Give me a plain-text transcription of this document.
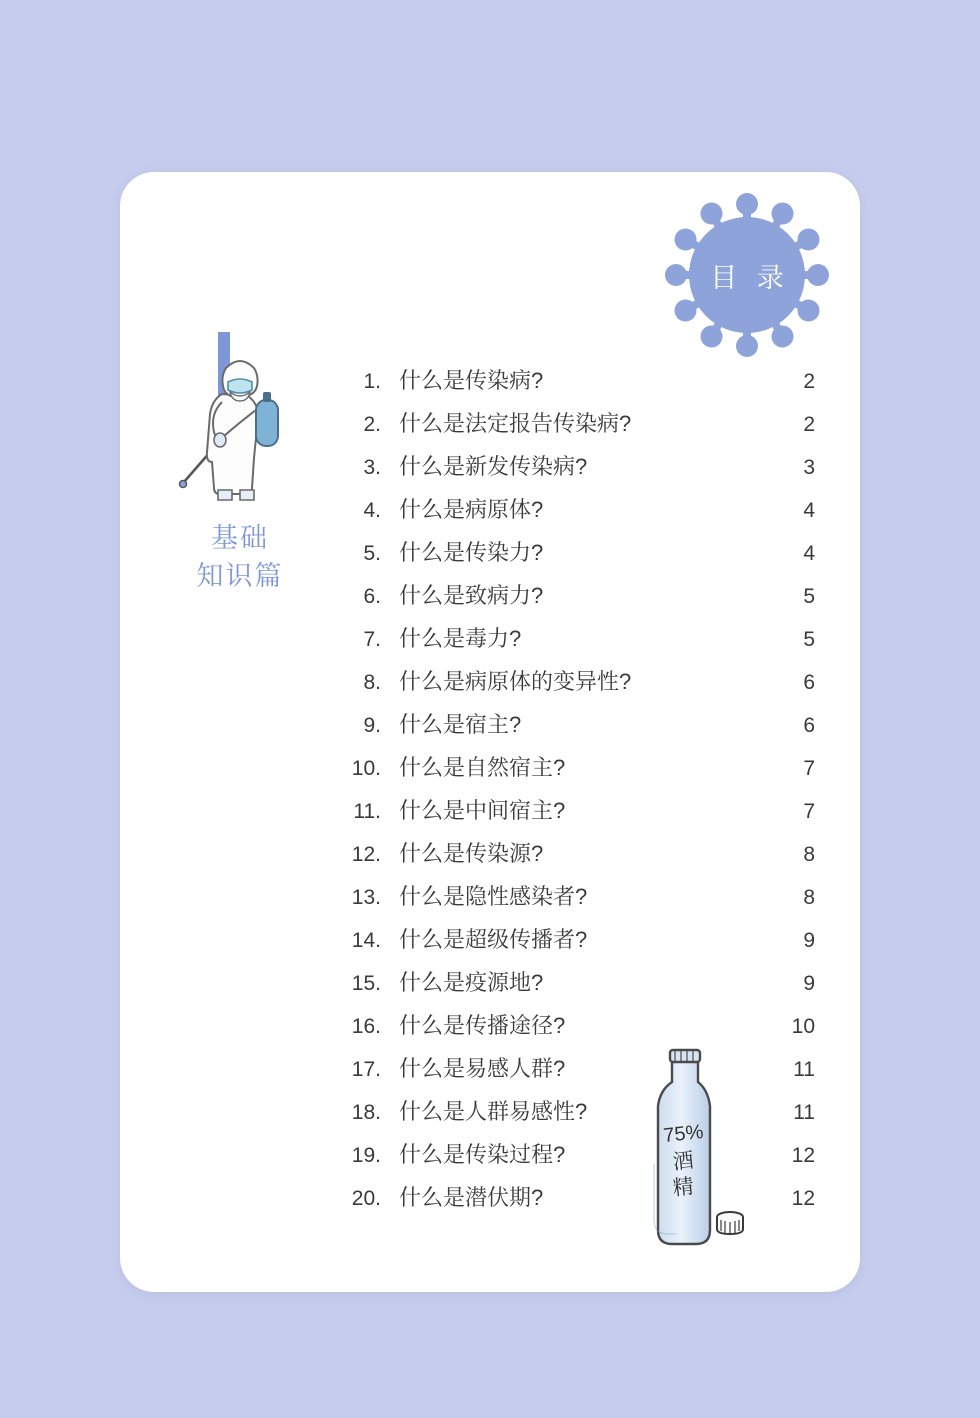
目 录
基础
知识篇
1. 什么是传染病?	2
2. 什么是法定报告传染病?	2
3. 什么是新发传染病?	3
4. 什么是病原体?	4
5. 什么是传染力?	4
6. 什么是致病力?	5
7. 什么是毒力?	5
8. 什么是病原体的变异性?	6
9. 什么是宿主?	6
10. 什么是自然宿主?	7
11. 什么是中间宿主?	7
12. 什么是传染源?	8
13. 什么是隐性感染者?	8
14. 什么是超级传播者?	9
15. 什么是疫源地?	9
16. 什么是传播途径?	10
17. 什么是易感人群?	11
18. 什么是人群易感性?	11
19. 什么是传染过程?	12
20. 什么是潜伏期?	12
75%
酒
精
